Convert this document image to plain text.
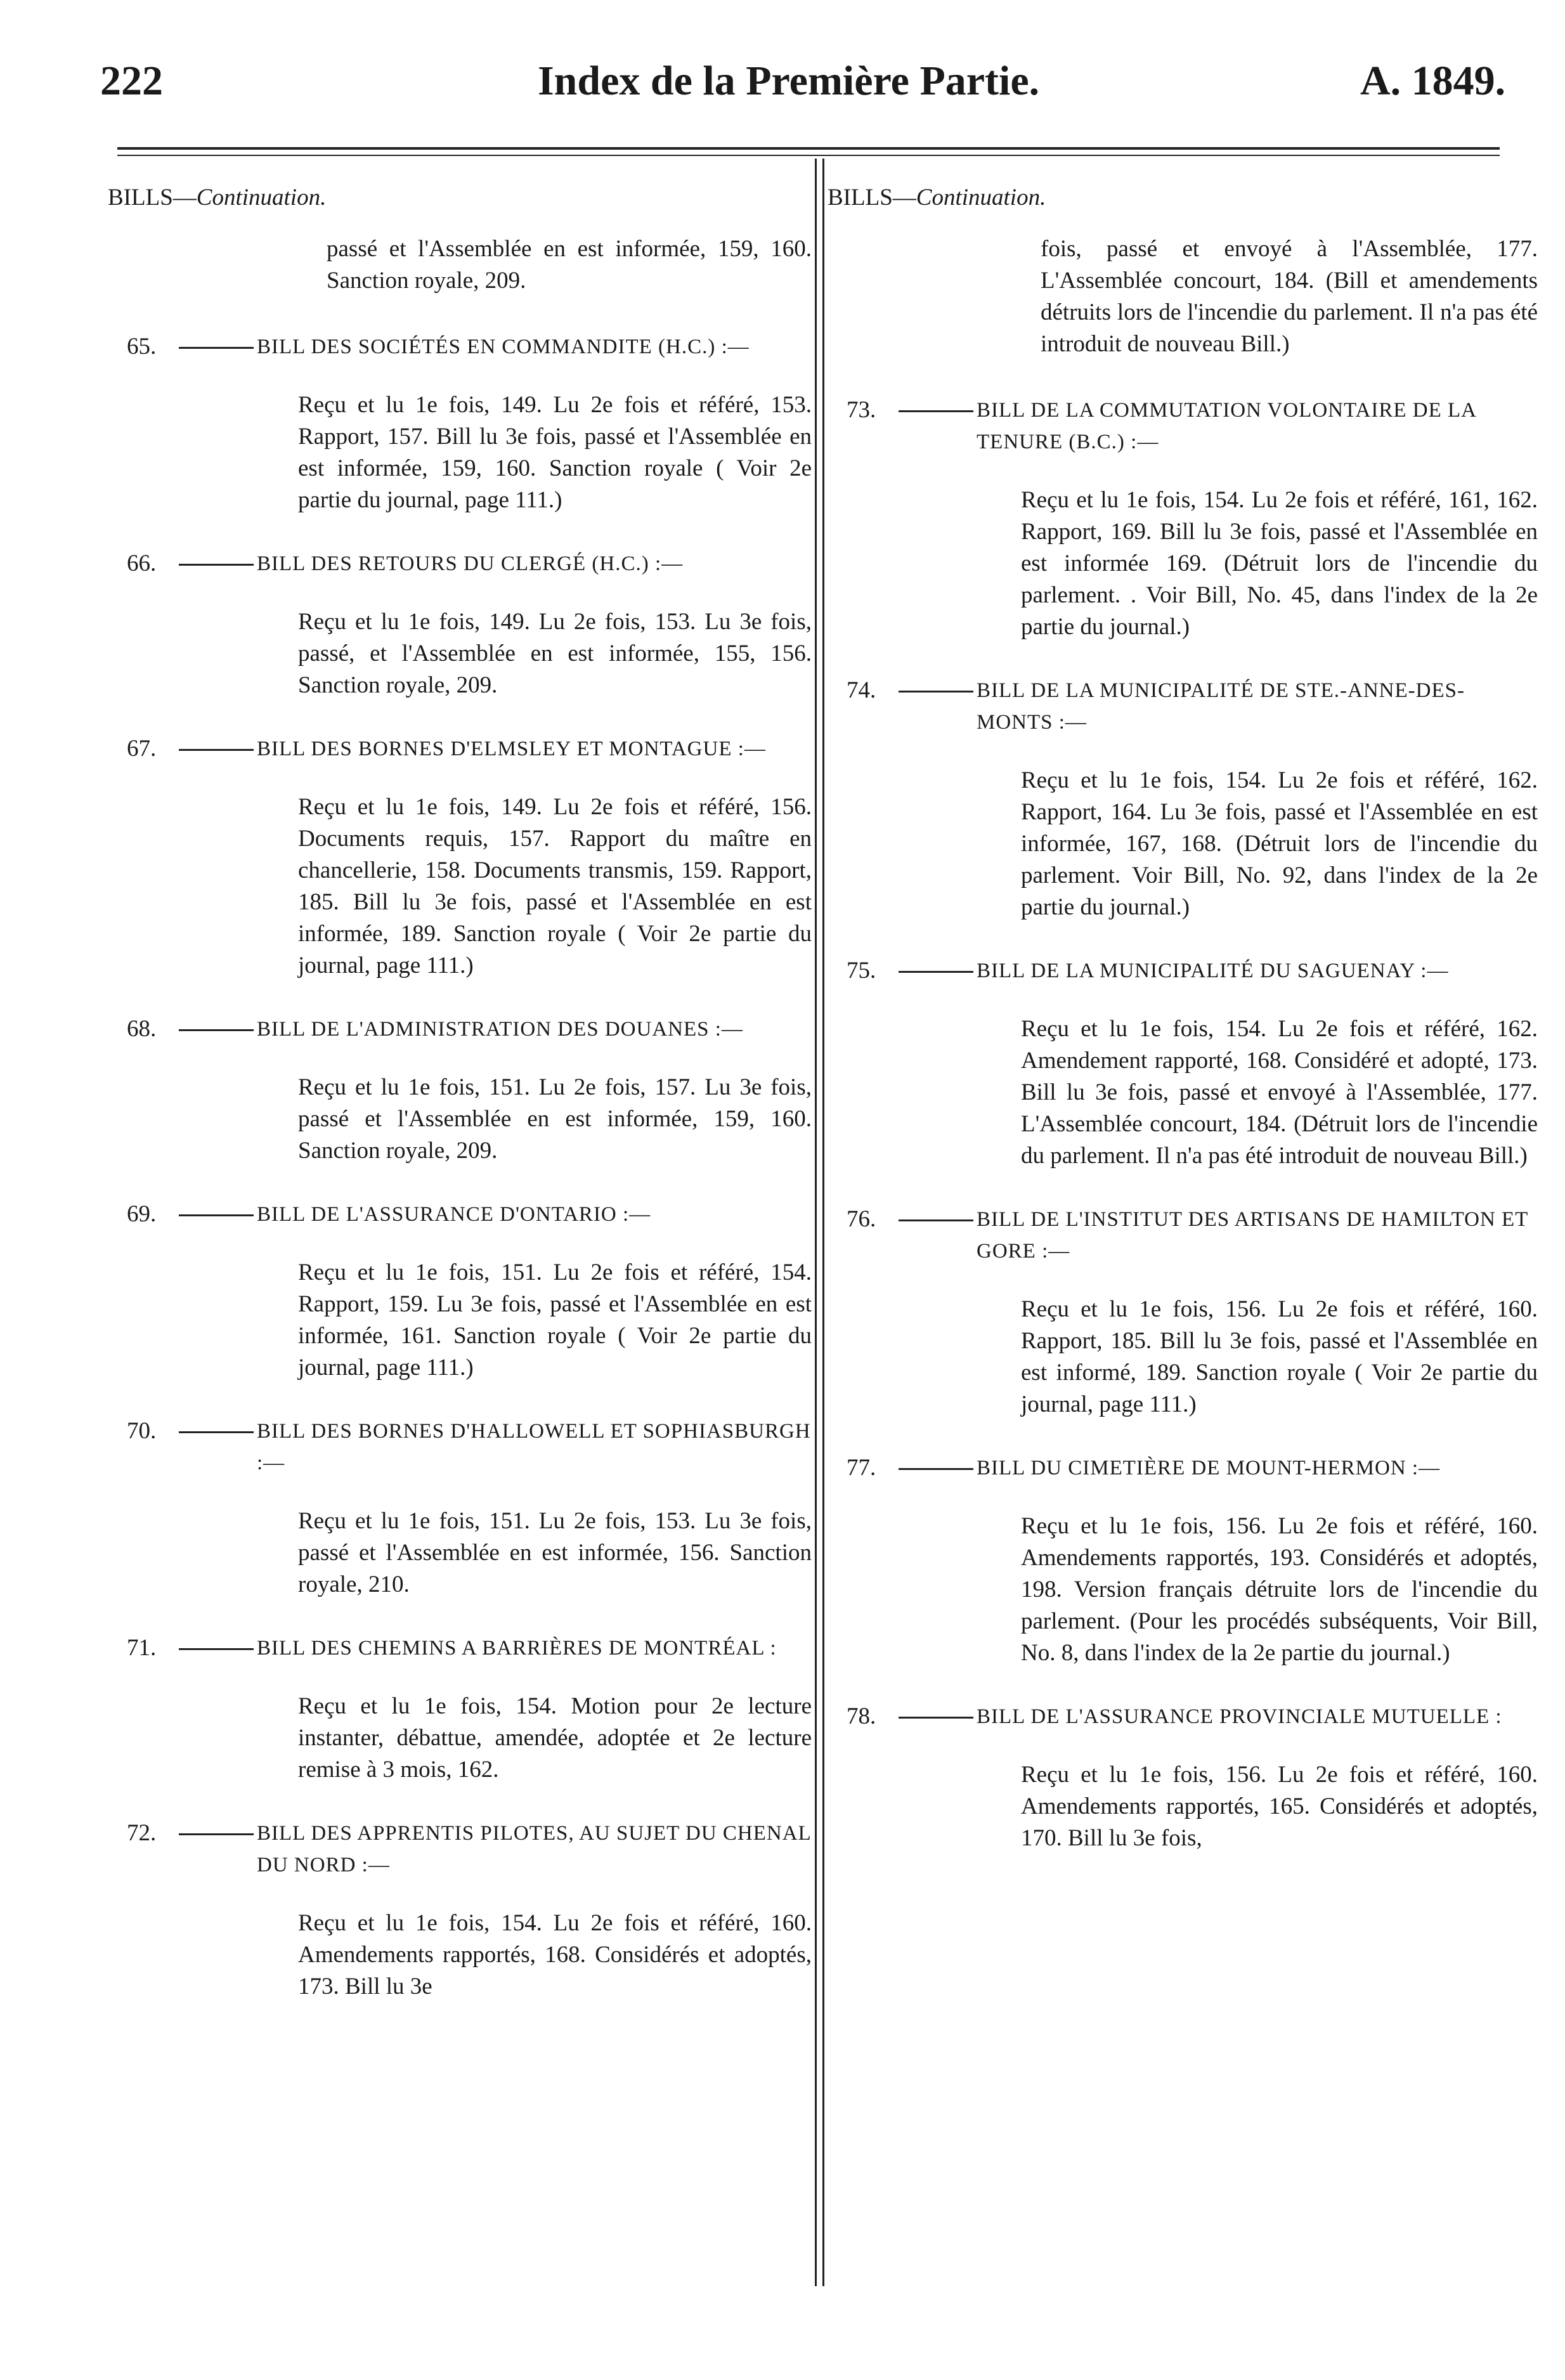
222	Index de la Première Partie.	A. 1849.
BILLS—Continuation.
passé et l'Assemblée en est informée, 159, 160. Sanction royale, 209.
65.	BILL DES SOCIÉTÉS EN COMMANDITE (H.C.) :—
Reçu et lu 1e fois, 149. Lu 2e fois et référé, 153. Rapport, 157. Bill lu 3e fois, passé et l'Assemblée en est informée, 159, 160. Sanction royale ( Voir 2e partie du journal, page 111.)
66.	BILL DES RETOURS DU CLERGÉ (H.C.) :—
Reçu et lu 1e fois, 149. Lu 2e fois, 153. Lu 3e fois, passé, et l'Assemblée en est informée, 155, 156. Sanction royale, 209.
67.	BILL DES BORNES D'ELMSLEY ET MONTAGUE :—
Reçu et lu 1e fois, 149. Lu 2e fois et référé, 156. Documents requis, 157. Rapport du maître en chancellerie, 158. Documents transmis, 159. Rapport, 185. Bill lu 3e fois, passé et l'Assemblée en est informée, 189. Sanction royale ( Voir 2e partie du journal, page 111.)
68.	BILL DE L'ADMINISTRATION DES DOUANES :—
Reçu et lu 1e fois, 151. Lu 2e fois, 157. Lu 3e fois, passé et l'Assemblée en est informée, 159, 160. Sanction royale, 209.
69.	BILL DE L'ASSURANCE D'ONTARIO :—
Reçu et lu 1e fois, 151. Lu 2e fois et référé, 154. Rapport, 159. Lu 3e fois, passé et l'Assemblée en est informée, 161. Sanction royale ( Voir 2e partie du journal, page 111.)
70.	BILL DES BORNES D'HALLOWELL ET SOPHIASBURGH :—
Reçu et lu 1e fois, 151. Lu 2e fois, 153. Lu 3e fois, passé et l'Assemblée en est informée, 156. Sanction royale, 210.
71.	BILL DES CHEMINS A BARRIÈRES DE MONTRÉAL :
Reçu et lu 1e fois, 154. Motion pour 2e lecture instanter, débattue, amendée, adoptée et 2e lecture remise à 3 mois, 162.
72.	BILL DES APPRENTIS PILOTES, AU SUJET DU CHENAL DU NORD :—
Reçu et lu 1e fois, 154. Lu 2e fois et référé, 160. Amendements rapportés, 168. Considérés et adoptés, 173. Bill lu 3e
BILLS—Continuation.
fois, passé et envoyé à l'Assemblée, 177. L'Assemblée concourt, 184. (Bill et amendements détruits lors de l'incendie du parlement. Il n'a pas été introduit de nouveau Bill.)
73.	BILL DE LA COMMUTATION VOLONTAIRE DE LA TENURE (B.C.) :—
Reçu et lu 1e fois, 154. Lu 2e fois et référé, 161, 162. Rapport, 169. Bill lu 3e fois, passé et l'Assemblée en est informée 169. (Détruit lors de l'incendie du parlement. . Voir Bill, No. 45, dans l'index de la 2e partie du journal.)
74.	BILL DE LA MUNICIPALITÉ DE STE.-ANNE-DES-MONTS :—
Reçu et lu 1e fois, 154. Lu 2e fois et référé, 162. Rapport, 164. Lu 3e fois, passé et l'Assemblée en est informée, 167, 168. (Détruit lors de l'incendie du parlement. Voir Bill, No. 92, dans l'index de la 2e partie du journal.)
75.	BILL DE LA MUNICIPALITÉ DU SAGUENAY :—
Reçu et lu 1e fois, 154. Lu 2e fois et référé, 162. Amendement rapporté, 168. Considéré et adopté, 173. Bill lu 3e fois, passé et envoyé à l'Assemblée, 177. L'Assemblée concourt, 184. (Détruit lors de l'incendie du parlement. Il n'a pas été introduit de nouveau Bill.)
76.	BILL DE L'INSTITUT DES ARTISANS DE HAMILTON ET GORE :—
Reçu et lu 1e fois, 156. Lu 2e fois et référé, 160. Rapport, 185. Bill lu 3e fois, passé et l'Assemblée en est informé, 189. Sanction royale ( Voir 2e partie du journal, page 111.)
77.	BILL DU CIMETIÈRE DE MOUNT-HERMON :—
Reçu et lu 1e fois, 156. Lu 2e fois et référé, 160. Amendements rapportés, 193. Considérés et adoptés, 198. Version français détruite lors de l'incendie du parlement. (Pour les procédés subséquents, Voir Bill, No. 8, dans l'index de la 2e partie du journal.)
78.	BILL DE L'ASSURANCE PROVINCIALE MUTUELLE :
Reçu et lu 1e fois, 156. Lu 2e fois et référé, 160. Amendements rapportés, 165. Considérés et adoptés, 170. Bill lu 3e fois,
